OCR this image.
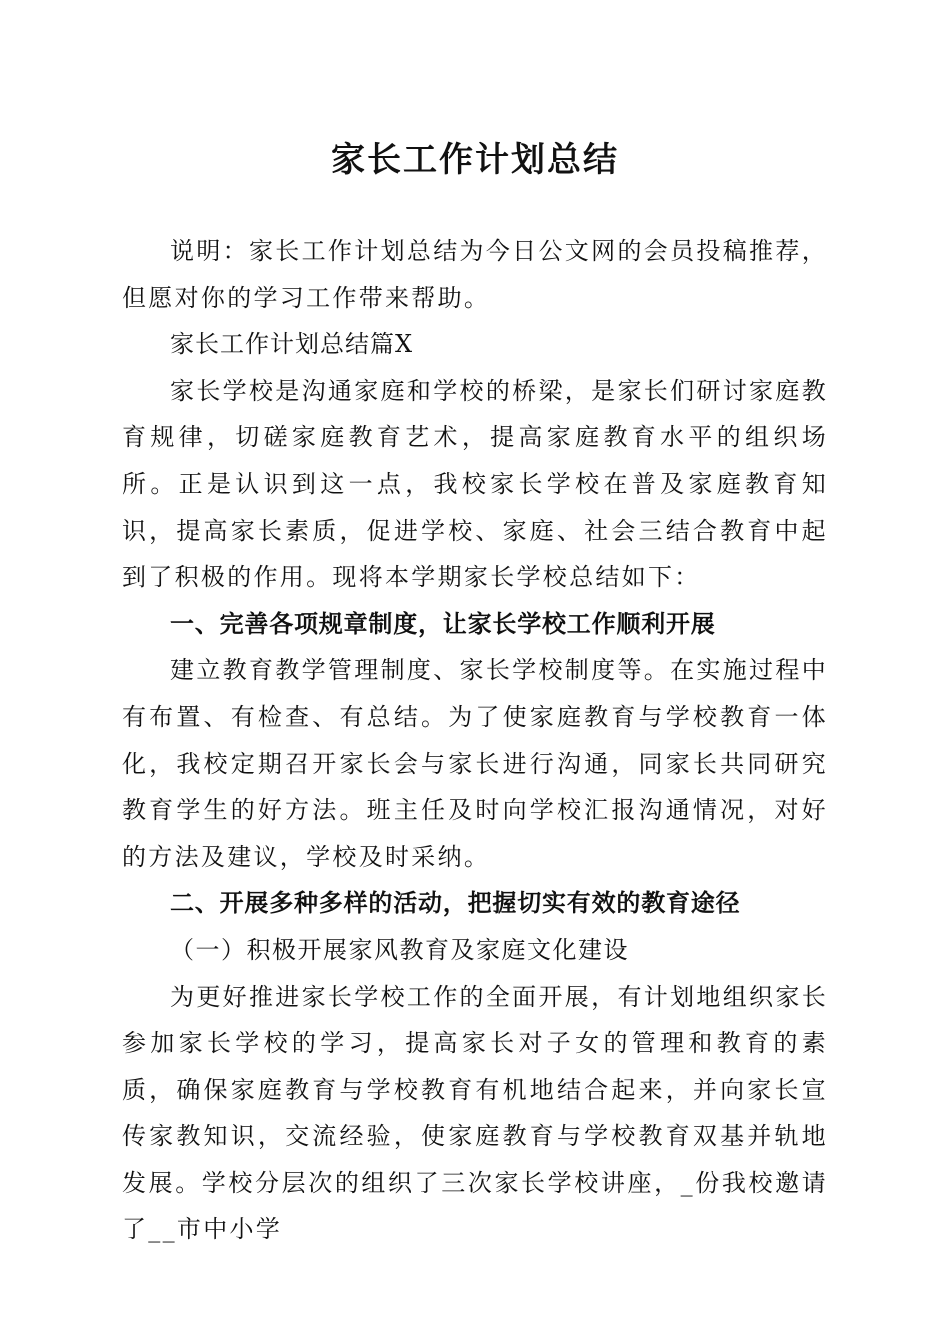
家长工作计划总结

说明：家长工作计划总结为今日公文网的会员投稿推荐，但愿对你的学习工作带来帮助。

家长工作计划总结篇X

家长学校是沟通家庭和学校的桥梁，是家长们研讨家庭教育规律，切磋家庭教育艺术，提高家庭教育水平的组织场所。正是认识到这一点，我校家长学校在普及家庭教育知识，提高家长素质，促进学校、家庭、社会三结合教育中起到了积极的作用。现将本学期家长学校总结如下：

一、完善各项规章制度，让家长学校工作顺利开展

建立教育教学管理制度、家长学校制度等。在实施过程中有布置、有检查、有总结。为了使家庭教育与学校教育一体化，我校定期召开家长会与家长进行沟通，同家长共同研究教育学生的好方法。班主任及时向学校汇报沟通情况，对好的方法及建议，学校及时采纳。

二、开展多种多样的活动，把握切实有效的教育途径

（一）积极开展家风教育及家庭文化建设

为更好推进家长学校工作的全面开展，有计划地组织家长参加家长学校的学习，提高家长对子女的管理和教育的素质，确保家庭教育与学校教育有机地结合起来，并向家长宣传家教知识，交流经验，使家庭教育与学校教育双基并轨地发展。学校分层次的组织了三次家长学校讲座，_份我校邀请了__市中小学
